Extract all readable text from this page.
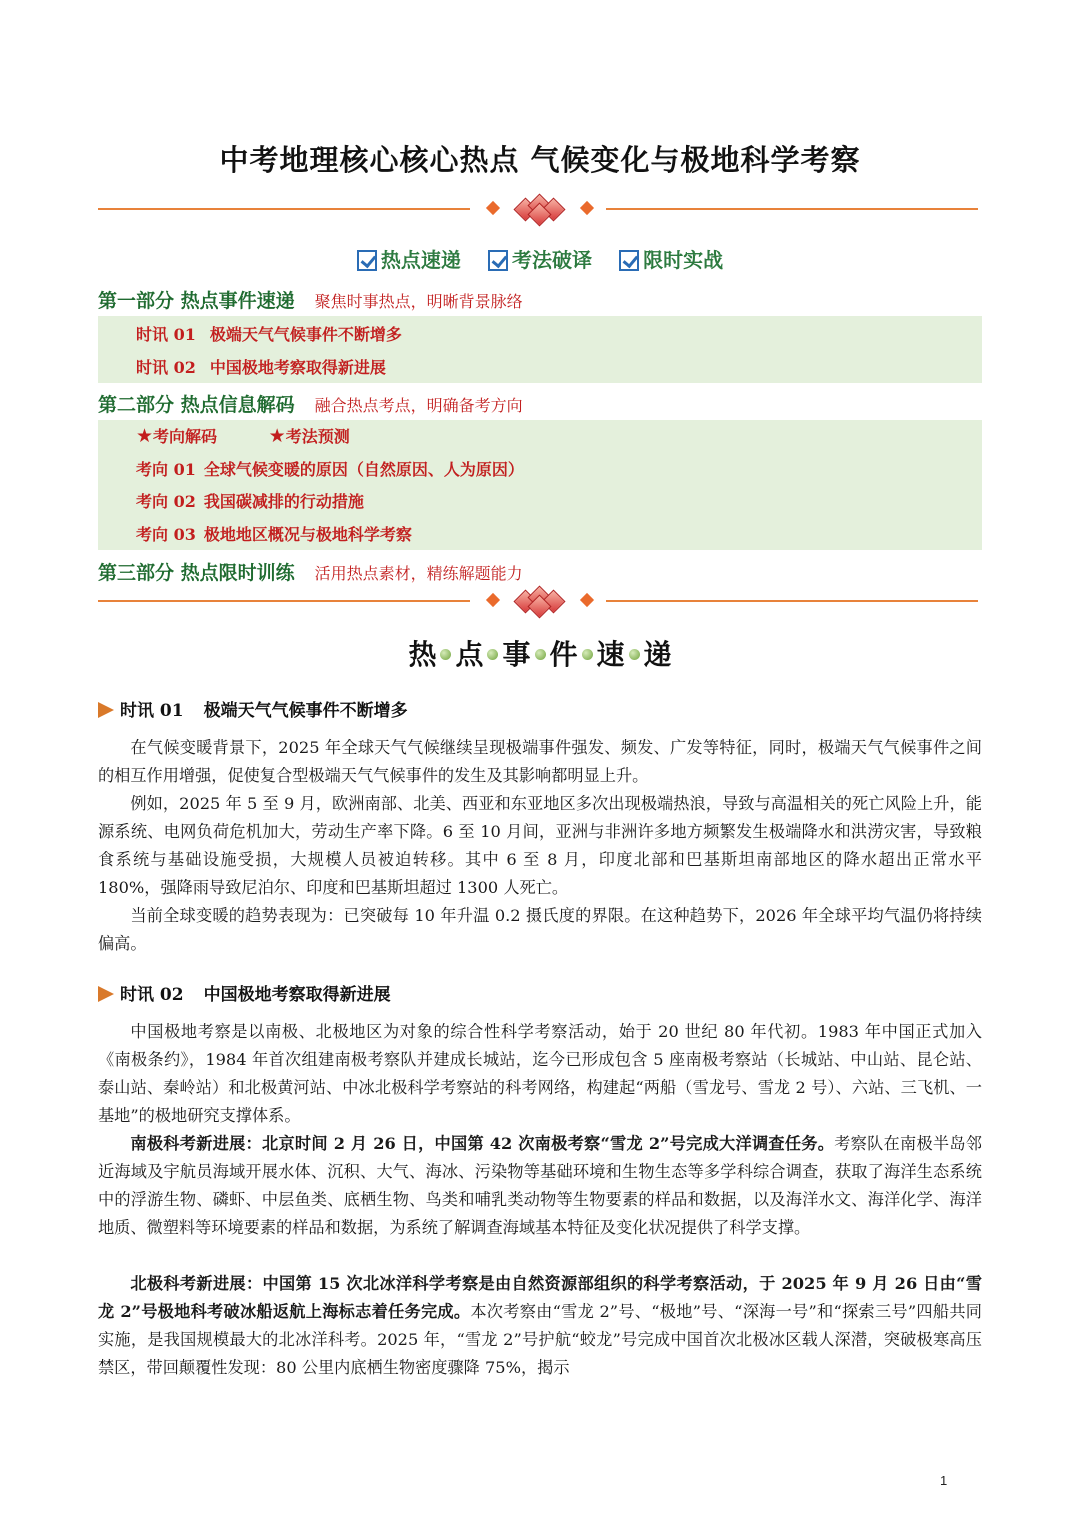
中考地理核心核心热点 气候变化与极地科学考察
热点速递	考法破译	限时实战
第一部分 热点事件速递 聚焦时事热点，明晰背景脉络
时讯 01 极端天气气候事件不断增多
时讯 02 中国极地考察取得新进展
第二部分 热点信息解码 融合热点考点，明确备考方向
★考向解码	★考法预测
考向 01 全球气候变暖的原因（自然原因、人为原因）
考向 02 我国碳减排的行动措施
考向 03 极地地区概况与极地科学考察
第三部分 热点限时训练 活用热点素材，精练解题能力
热 点 事 件 速 递
时讯 01 极端天气气候事件不断增多
在气候变暖背景下，2025 年全球天气气候继续呈现极端事件强发、频发、广发等特征，同时，极端天气气候事件之间的相互作用增强，促使复合型极端天气气候事件的发生及其影响都明显上升。
例如，2025 年 5 至 9 月，欧洲南部、北美、西亚和东亚地区多次出现极端热浪，导致与高温相关的死亡风险上升，能源系统、电网负荷危机加大，劳动生产率下降。6 至 10 月间，亚洲与非洲许多地方频繁发生极端降水和洪涝灾害，导致粮食系统与基础设施受损，大规模人员被迫转移。其中 6 至 8 月，印度北部和巴基斯坦南部地区的降水超出正常水平 180%，强降雨导致尼泊尔、印度和巴基斯坦超过 1300 人死亡。
当前全球变暖的趋势表现为：已突破每 10 年升温 0.2 摄氏度的界限。在这种趋势下，2026 年全球平均气温仍将持续偏高。
时讯 02 中国极地考察取得新进展
中国极地考察是以南极、北极地区为对象的综合性科学考察活动，始于 20 世纪 80 年代初。1983 年中国正式加入《南极条约》，1984 年首次组建南极考察队并建成长城站，迄今已形成包含 5 座南极考察站（长城站、中山站、昆仑站、泰山站、秦岭站）和北极黄河站、中冰北极科学考察站的科考网络，构建起“两船（雪龙号、雪龙 2 号）、六站、三飞机、一基地”的极地研究支撑体系。
南极科考新进展：北京时间 2 月 26 日，中国第 42 次南极考察“雪龙 2”号完成大洋调查任务。考察队在南极半岛邻近海域及宇航员海域开展水体、沉积、大气、海冰、污染物等基础环境和生物生态等多学科综合调查，获取了海洋生态系统中的浮游生物、磷虾、中层鱼类、底栖生物、鸟类和哺乳类动物等生物要素的样品和数据，以及海洋水文、海洋化学、海洋地质、微塑料等环境要素的样品和数据，为系统了解调查海域基本特征及变化状况提供了科学支撑。
北极科考新进展：中国第 15 次北冰洋科学考察是由自然资源部组织的科学考察活动，于 2025 年 9 月 26 日由“雪龙 2”号极地科考破冰船返航上海标志着任务完成。本次考察由“雪龙 2”号、“极地”号、“深海一号”和“探索三号”四船共同实施，是我国规模最大的北冰洋科考。2025 年，“雪龙 2”号护航“蛟龙”号完成中国首次北极冰区载人深潜，突破极寒高压禁区，带回颠覆性发现：80 公里内底栖生物密度骤降 75%，揭示
1
